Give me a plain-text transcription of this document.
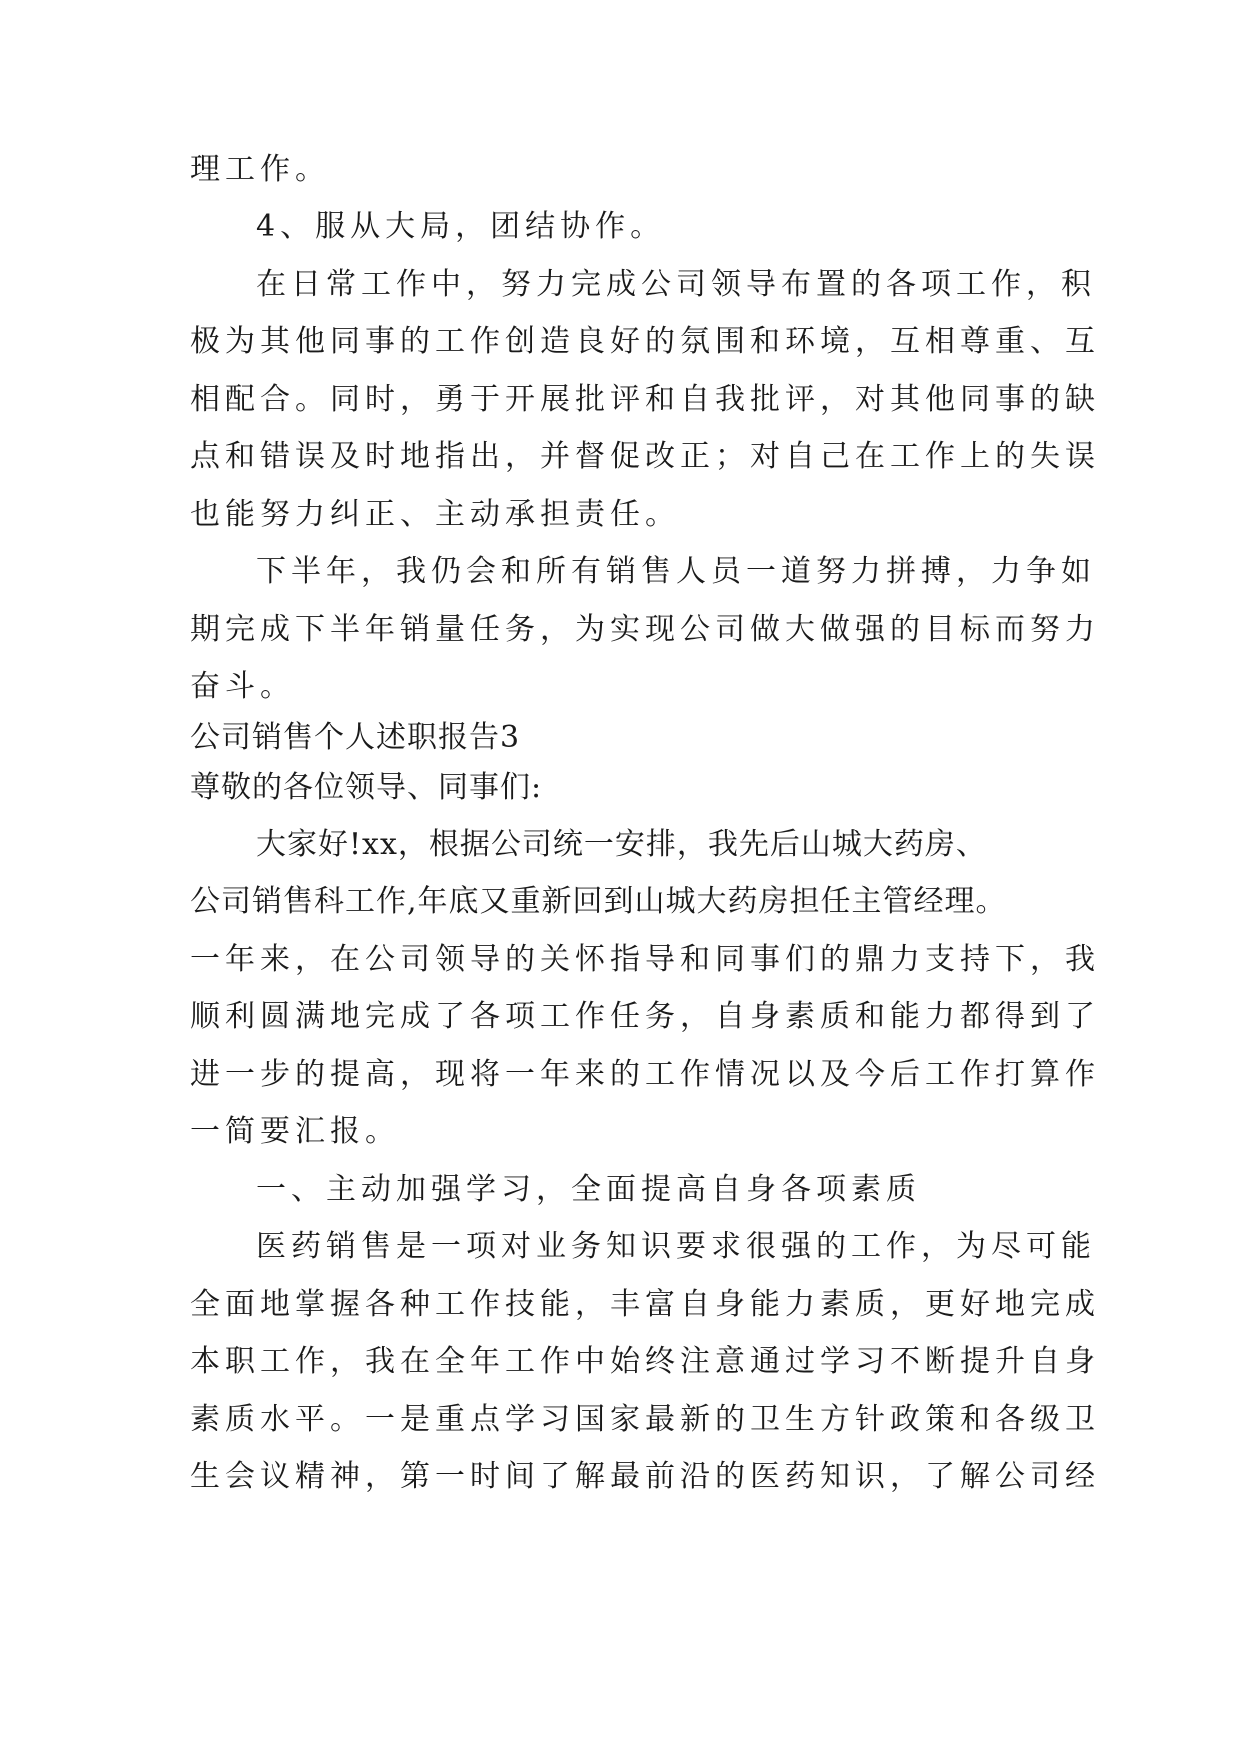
理工作。
4、服从大局，团结协作。
在日常工作中，努力完成公司领导布置的各项工作，积
极为其他同事的工作创造良好的氛围和环境，互相尊重、互
相配合。同时，勇于开展批评和自我批评，对其他同事的缺
点和错误及时地指出，并督促改正；对自己在工作上的失误
也能努力纠正、主动承担责任。
下半年，我仍会和所有销售人员一道努力拼搏，力争如
期完成下半年销量任务，为实现公司做大做强的目标而努力
奋斗。
公司销售个人述职报告3
尊敬的各位领导、同事们:
大家好!xx，根据公司统一安排，我先后山城大药房、
公司销售科工作,年底又重新回到山城大药房担任主管经理。
一年来，在公司领导的关怀指导和同事们的鼎力支持下，我
顺利圆满地完成了各项工作任务，自身素质和能力都得到了
进一步的提高，现将一年来的工作情况以及今后工作打算作
一简要汇报。
一、主动加强学习，全面提高自身各项素质
医药销售是一项对业务知识要求很强的工作，为尽可能
全面地掌握各种工作技能，丰富自身能力素质，更好地完成
本职工作，我在全年工作中始终注意通过学习不断提升自身
素质水平。一是重点学习国家最新的卫生方针政策和各级卫
生会议精神，第一时间了解最前沿的医药知识，了解公司经
